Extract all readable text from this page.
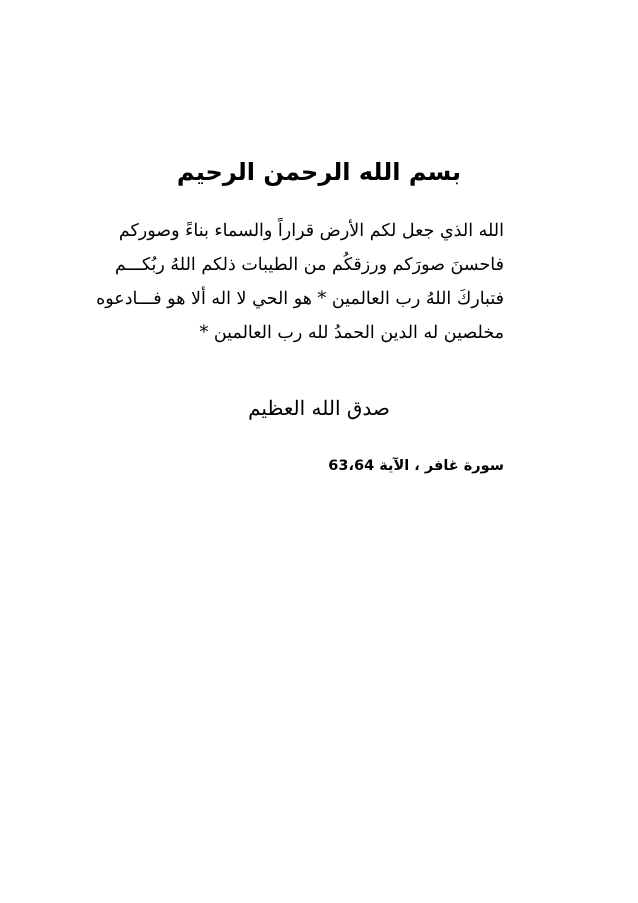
بسم الله الرحمن الرحيم
الله الذي جعل لكم الأرض قراراً والسماء بناءً وصوركم
فاحسنَ صورَكم ورزقكُم من الطيبات ذلكم اللهُ ربُكـــم
فتباركَ اللهُ رب العالمين * هو الحي لا اله ألا هو فـــادعوه
مخلصين له الدين الحمدُ لله رب العالمين *
صدق الله العظيم
سورة غافر ، الآية 63،64
